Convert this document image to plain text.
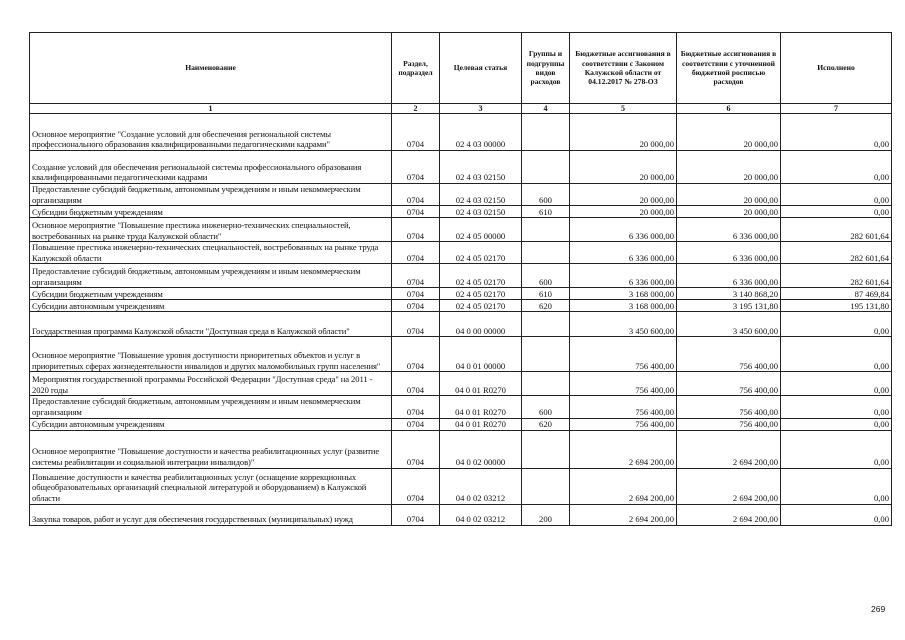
Наименование	Раздел, подраздел	Целевая статья	Группы и подгруппы видов расходов	Бюджетные ассигнования в соответствии с Законом Калужской области от 04.12.2017 № 278-ОЗ	Бюджетные ассигнования в соответствии с уточненной бюджетной росписью расходов	Исполнено
1	2	3	4	5	6	7
Основное мероприятие "Создание условий для обеспечения региональной системы профессионального образования квалифицированными педагогическими кадрами"	0704	02 4 03 00000		20 000,00	20 000,00	0,00
Создание условий для обеспечения региональной системы профессионального образования квалифицированными педагогическими кадрами	0704	02 4 03 02150		20 000,00	20 000,00	0,00
Предоставление субсидий бюджетным, автономным учреждениям и иным некоммерческим организациям	0704	02 4 03 02150	600	20 000,00	20 000,00	0,00
Субсидии бюджетным учреждениям	0704	02 4 03 02150	610	20 000,00	20 000,00	0,00
Основное мероприятие "Повышение престижа инженерно-технических специальностей, востребованных на рынке труда Калужской области"	0704	02 4 05 00000		6 336 000,00	6 336 000,00	282 601,64
Повышение престижа инженерно-технических специальностей, востребованных на рынке труда Калужской области	0704	02 4 05 02170		6 336 000,00	6 336 000,00	282 601,64
Предоставление субсидий бюджетным, автономным учреждениям и иным некоммерческим организациям	0704	02 4 05 02170	600	6 336 000,00	6 336 000,00	282 601,64
Субсидии бюджетным учреждениям	0704	02 4 05 02170	610	3 168 000,00	3 140 868,20	87 469,84
Субсидии автономным учреждениям	0704	02 4 05 02170	620	3 168 000,00	3 195 131,80	195 131,80
Государственная программа Калужской области "Доступная среда в Калужской области"	0704	04 0 00 00000		3 450 600,00	3 450 600,00	0,00
Основное мероприятие "Повышение уровня доступности приоритетных объектов и услуг в приоритетных сферах жизнедеятельности инвалидов и других маломобильных групп населения"	0704	04 0 01 00000		756 400,00	756 400,00	0,00
Мероприятия государственной программы Российской Федерации "Доступная среда" на 2011 - 2020 годы	0704	04 0 01 R0270		756 400,00	756 400,00	0,00
Предоставление субсидий бюджетным, автономным учреждениям и иным некоммерческим организациям	0704	04 0 01 R0270	600	756 400,00	756 400,00	0,00
Субсидии автономным учреждениям	0704	04 0 01 R0270	620	756 400,00	756 400,00	0,00
Основное мероприятие "Повышение доступности и качества реабилитационных услуг (развитие системы реабилитации и социальной интеграции инвалидов)"	0704	04 0 02 00000		2 694 200,00	2 694 200,00	0,00
Повышение доступности и качества реабилитационных услуг (оснащение коррекционных общеобразовательных организаций специальной литературой и оборудованием) в Калужской области	0704	04 0 02 03212		2 694 200,00	2 694 200,00	0,00
Закупка товаров, работ и услуг для обеспечения государственных (муниципальных) нужд	0704	04 0 02 03212	200	2 694 200,00	2 694 200,00	0,00
269
